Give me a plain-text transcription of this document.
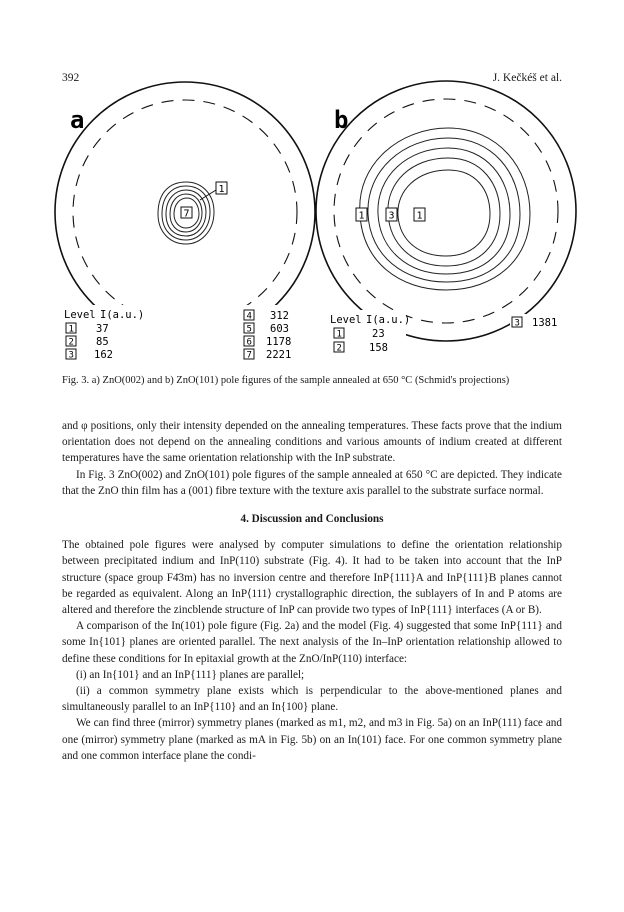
392	J. Kečkéš et al.
a
7
1
Level I(a.u.)
1 37
2 85
3 162
4 312
5 603
6 1178
7 2221
b
1 3 1
Level I(a.u.)
1	23
2	158
3 1381
Fig. 3. a) ZnO(002) and b) ZnO(101) pole figures of the sample annealed at 650 °C (Schmid's projections)

and φ positions, only their intensity depended on the annealing temperatures. These facts prove that the indium orientation does not depend on the annealing conditions and various amounts of indium created at different temperatures have the same orientation relationship with the InP substrate.

In Fig. 3 ZnO(002) and ZnO(101) pole figures of the sample annealed at 650 °C are depicted. They indicate that the ZnO thin film has a (001) fibre texture with the texture axis parallel to the substrate surface normal.

4. Discussion and Conclusions

The obtained pole figures were analysed by computer simulations to define the orientation relationship between precipitated indium and InP(110) substrate (Fig. 4). It had to be taken into account that the InP structure (space group F4̄3m) has no inversion centre and therefore InP{111}A and InP{111}B planes cannot be regarded as equivalent. Along an InP⟨111⟩ crystallographic direction, the sublayers of In and P atoms are altered and therefore the zincblende structure of InP can provide two types of InP{111} interfaces (A or B).

A comparison of the In(101) pole figure (Fig. 2a) and the model (Fig. 4) suggested that some InP{111} and some In{101} planes are oriented parallel. The next analysis of the In–InP orientation relationship allowed to define these conditions for In epitaxial growth at the ZnO/InP(110) interface:

(i) an In{101} and an InP{111} planes are parallel;

(ii) a common symmetry plane exists which is perpendicular to the above-mentioned planes and simultaneously parallel to an InP{110} and an In{100} plane.

We can find three (mirror) symmetry planes (marked as m1, m2, and m3 in Fig. 5a) on an InP(111) face and one (mirror) symmetry plane (marked as mA in Fig. 5b) on an In(101) face. For one common symmetry plane and one common interface plane the condi-
